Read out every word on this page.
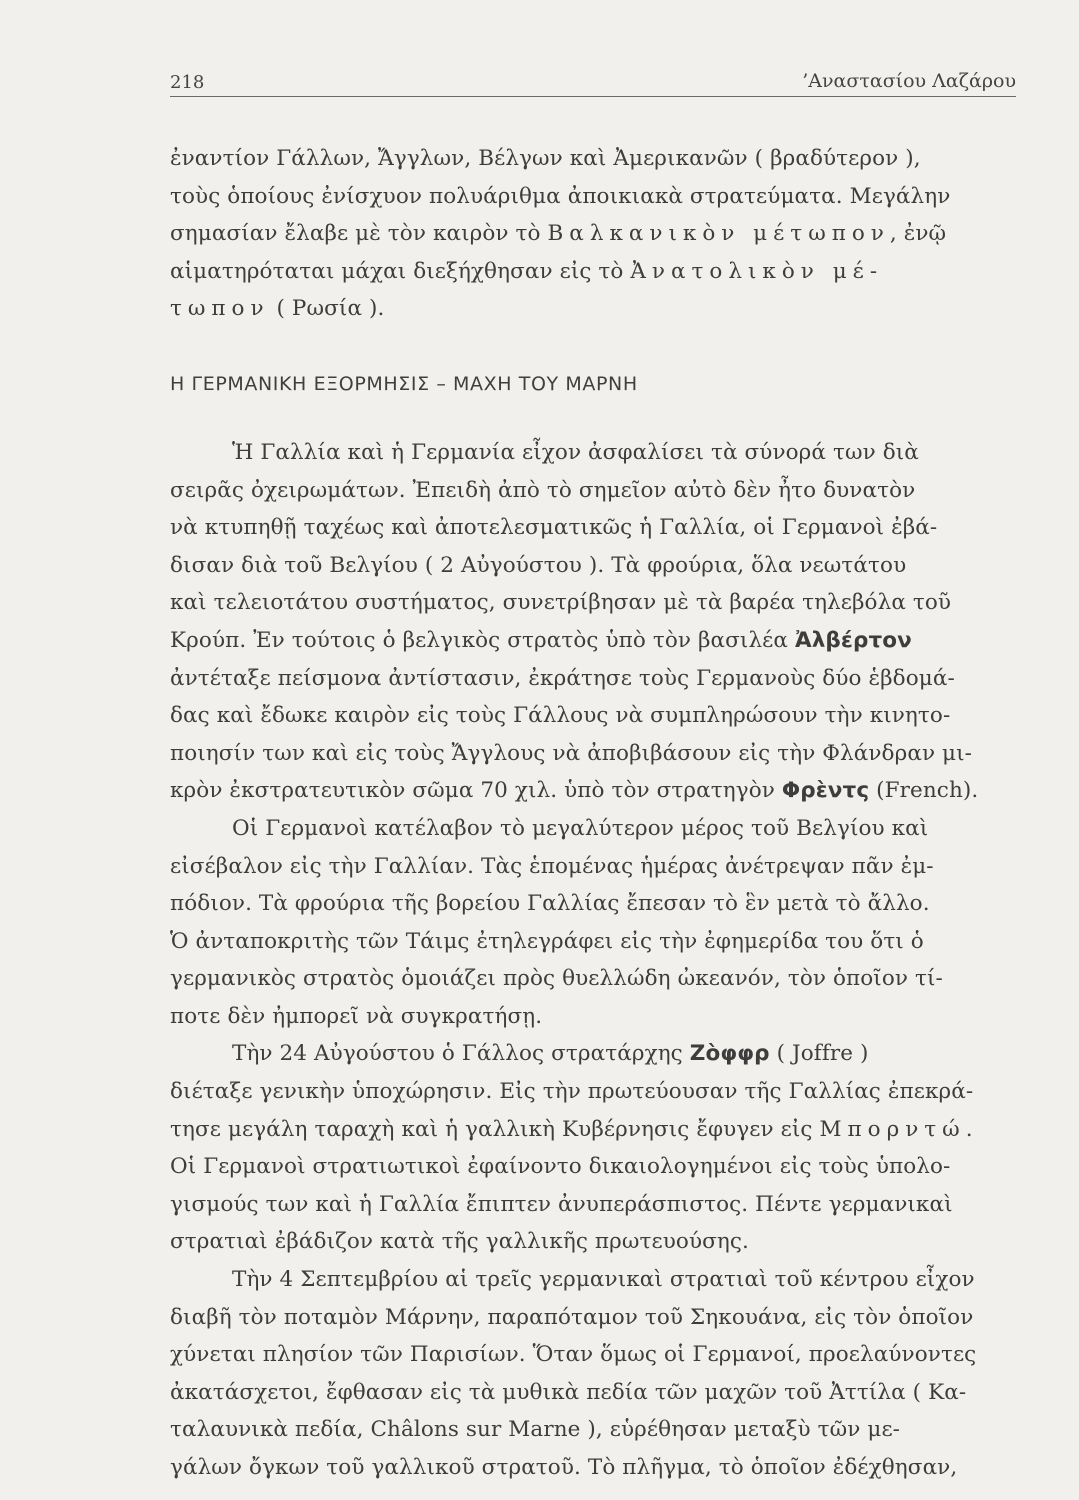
218	’Αναστασίου Λαζάρου
ἐναντίον Γάλλων, Ἄγγλων, Βέλγων καὶ Ἀμερικανῶν ( βραδύτερον ),
τοὺς ὁποίους ἐνίσχυον πολυάριθμα ἀποικιακὰ στρατεύματα. Μεγάλην
σημασίαν ἔλαβε μὲ τὸν καιρὸν τὸ Βαλκανικὸν μέτωπον, ἐνῷ
αἱματηρόταται μάχαι διεξήχθησαν εἰς τὸ Ἀνατολικὸν μέ-
τωπον ( Ρωσία ).
Η ΓΕΡΜΑΝΙΚΗ ΕΞΟΡΜΗΣΙΣ – ΜΑΧΗ ΤΟΥ ΜΑΡΝΗ
Ἡ Γαλλία καὶ ἡ Γερμανία εἶχον ἀσφαλίσει τὰ σύνορά των διὰ
σειρᾶς ὀχειρωμάτων. Ἐπειδὴ ἀπὸ τὸ σημεῖον αὐτὸ δὲν ἦτο δυνατὸν
νὰ κτυπηθῇ ταχέως καὶ ἀποτελεσματικῶς ἡ Γαλλία, οἱ Γερμανοὶ ἐβά-
δισαν διὰ τοῦ Βελγίου ( 2 Αὐγούστου ). Τὰ φρούρια, ὅλα νεωτάτου
καὶ τελειοτάτου συστήματος, συνετρίβησαν μὲ τὰ βαρέα τηλεβόλα τοῦ
Κρούπ. Ἐν τούτοις ὁ βελγικὸς στρατὸς ὑπὸ τὸν βασιλέα Ἀλβέρτον
ἀντέταξε πείσμονα ἀντίστασιν, ἐκράτησε τοὺς Γερμανοὺς δύο ἑβδομά-
δας καὶ ἔδωκε καιρὸν εἰς τοὺς Γάλλους νὰ συμπληρώσουν τὴν κινητο-
ποιησίν των καὶ εἰς τοὺς Ἄγγλους νὰ ἀποβιβάσουν εἰς τὴν Φλάνδραν μι-
κρὸν ἐκστρατευτικὸν σῶμα 70 χιλ. ὑπὸ τὸν στρατηγὸν Φρὲντς (French).
Οἱ Γερμανοὶ κατέλαβον τὸ μεγαλύτερον μέρος τοῦ Βελγίου καὶ
εἰσέβαλον εἰς τὴν Γαλλίαν. Τὰς ἑπομένας ἡμέρας ἀνέτρεψαν πᾶν ἐμ-
πόδιον. Τὰ φρούρια τῆς βορείου Γαλλίας ἔπεσαν τὸ ἓν μετὰ τὸ ἄλλο.
Ὁ ἀνταποκριτὴς τῶν Τάιμς ἐτηλεγράφει εἰς τὴν ἐφημερίδα του ὅτι ὁ
γερμανικὸς στρατὸς ὁμοιάζει πρὸς θυελλώδη ὠκεανόν, τὸν ὁποῖον τί-
ποτε δὲν ἠμπορεῖ νὰ συγκρατήσῃ.
Τὴν 24 Αὐγούστου ὁ Γάλλος στρατάρχης Ζὸφφρ ( Joffre )
διέταξε γενικὴν ὑποχώρησιν. Εἰς τὴν πρωτεύουσαν τῆς Γαλλίας ἐπεκρά-
τησε μεγάλη ταραχὴ καὶ ἡ γαλλικὴ Κυβέρνησις ἔφυγεν εἰς Μπορντώ.
Οἱ Γερμανοὶ στρατιωτικοὶ ἐφαίνοντο δικαιολογημένοι εἰς τοὺς ὑπολο-
γισμούς των καὶ ἡ Γαλλία ἔπιπτεν ἀνυπεράσπιστος. Πέντε γερμανικαὶ
στρατιαὶ ἐβάδιζον κατὰ τῆς γαλλικῆς πρωτευούσης.
Τὴν 4 Σεπτεμβρίου αἱ τρεῖς γερμανικαὶ στρατιαὶ τοῦ κέντρου εἶχον
διαβῆ τὸν ποταμὸν Μάρνην, παραπόταμον τοῦ Σηκουάνα, εἰς τὸν ὁποῖον
χύνεται πλησίον τῶν Παρισίων. Ὅταν ὅμως οἱ Γερμανοί, προελαύνοντες
ἀκατάσχετοι, ἔφθασαν εἰς τὰ μυθικὰ πεδία τῶν μαχῶν τοῦ Ἀττίλα ( Κα-
ταλαυνικὰ πεδία, Châlons sur Marne ), εὑρέθησαν μεταξὺ τῶν με-
γάλων ὄγκων τοῦ γαλλικοῦ στρατοῦ. Τὸ πλῆγμα, τὸ ὁποῖον ἐδέχθησαν,
